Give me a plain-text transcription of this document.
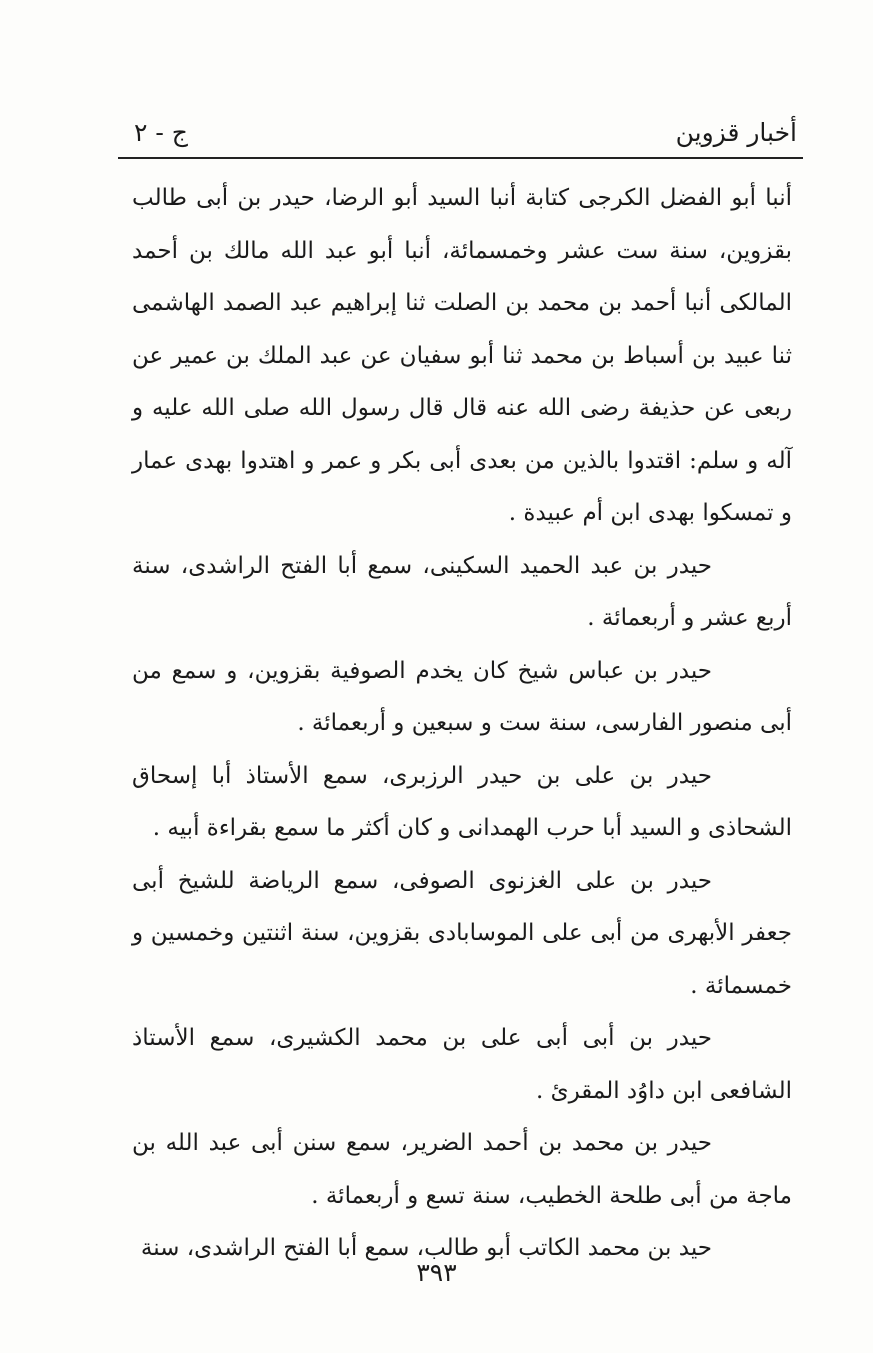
أخبار قزوين
ج - ٢

أنبا أبو الفضل الكرجى كتابة أنبا السيد أبو الرضا، حيدر بن أبى طالب بقزوين، سنة ست عشر وخمسمائة، أنبا أبو عبد الله مالك بن أحمد المالكى أنبا أحمد بن محمد بن الصلت ثنا إبراهيم عبد الصمد الهاشمى ثنا عبيد بن أسباط بن محمد ثنا أبو سفيان عن عبد الملك بن عمير عن ربعى عن حذيفة رضى الله عنه قال قال رسول الله صلى الله عليه و آله و سلم: اقتدوا بالذين من بعدى أبى بكر و عمر و اهتدوا بهدى عمار و تمسكوا بهدى ابن أم عبيدة .

حيدر بن عبد الحميد السكينى، سمع أبا الفتح الراشدى، سنة أربع عشر و أربعمائة .

حيدر بن عباس شيخ كان يخدم الصوفية بقزوين، و سمع من أبى منصور الفارسى، سنة ست و سبعين و أربعمائة .

حيدر بن على بن حيدر الرزبرى، سمع الأستاذ أبا إسحاق الشحاذى و السيد أبا حرب الهمدانى و كان أكثر ما سمع بقراءة أبيه .

حيدر بن على الغزنوى الصوفى، سمع الرياضة للشيخ أبى جعفر الأبهرى من أبى على الموسابادى بقزوين، سنة اثنتين وخمسين و خمسمائة .

حيدر بن أبى أبى على بن محمد الكشيرى، سمع الأستاذ الشافعى ابن داوُد المقرئ .

حيدر بن محمد بن أحمد الضرير، سمع سنن أبى عبد الله بن ماجة من أبى طلحة الخطيب، سنة تسع و أربعمائة .

حيد بن محمد الكاتب أبو طالب، سمع أبا الفتح الراشدى، سنة

٣٩٣
